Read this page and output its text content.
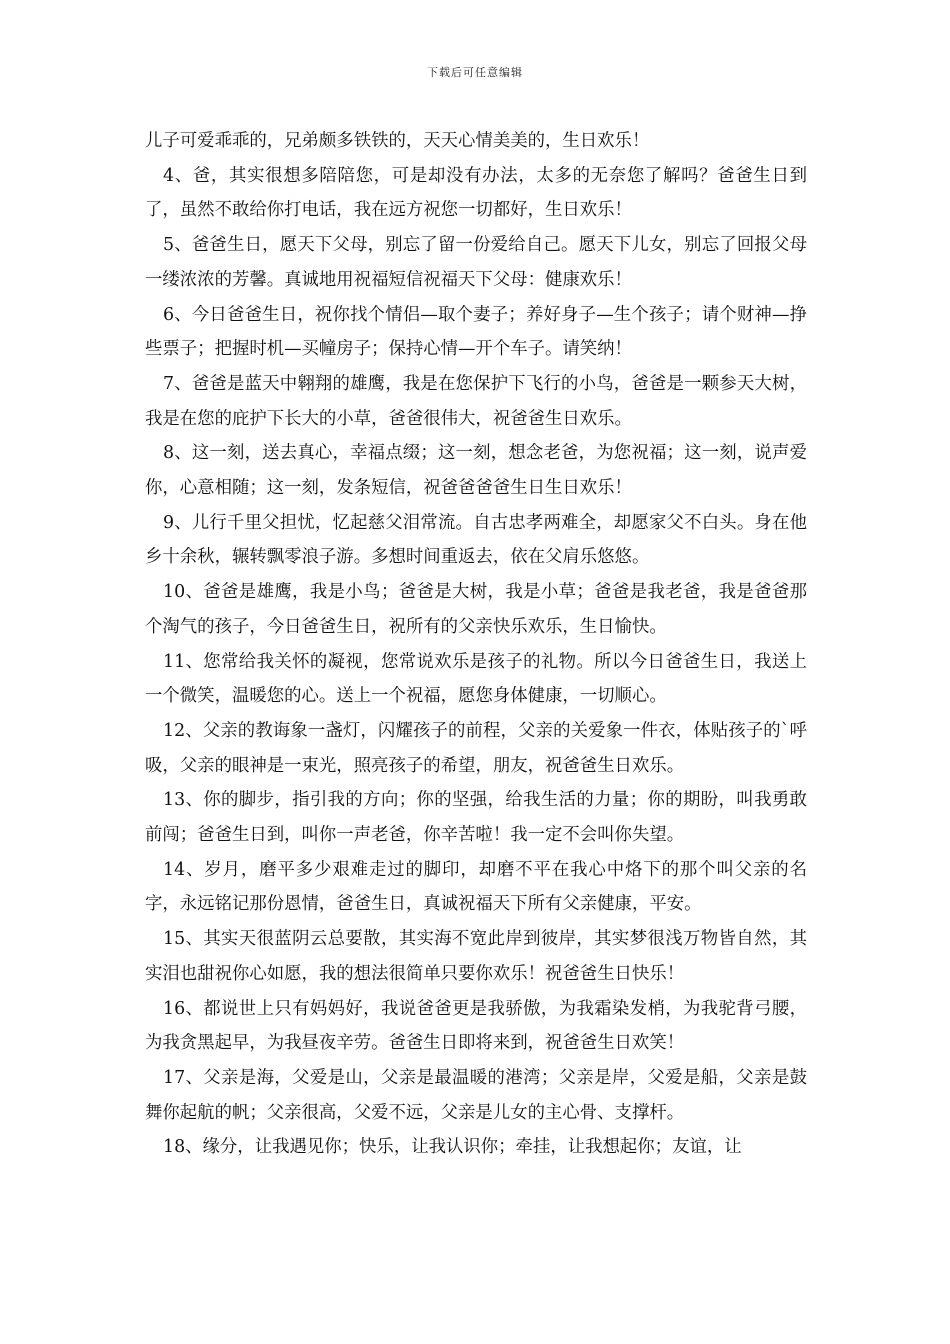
下载后可任意编辑

儿子可爱乖乖的，兄弟颇多铁铁的，天天心情美美的，生日欢乐！

4、爸，其实很想多陪陪您，可是却没有办法，太多的无奈您了解吗？爸爸生日到了，虽然不敢给你打电话，我在远方祝您一切都好，生日欢乐！

5、爸爸生日，愿天下父母，别忘了留一份爱给自己。愿天下儿女，别忘了回报父母一缕浓浓的芳馨。真诚地用祝福短信祝福天下父母：健康欢乐！

6、今日爸爸生日，祝你找个情侣—取个妻子；养好身子—生个孩子；请个财神—挣些票子；把握时机—买幢房子；保持心情—开个车子。请笑纳！

7、爸爸是蓝天中翱翔的雄鹰，我是在您保护下飞行的小鸟，爸爸是一颗参天大树，我是在您的庇护下长大的小草，爸爸很伟大，祝爸爸生日欢乐。

8、这一刻，送去真心，幸福点缀；这一刻，想念老爸，为您祝福；这一刻，说声爱你，心意相随；这一刻，发条短信，祝爸爸爸爸生日生日欢乐！

9、儿行千里父担忧，忆起慈父泪常流。自古忠孝两难全，却愿家父不白头。身在他乡十余秋，辗转飘零浪子游。多想时间重返去，依在父肩乐悠悠。

10、爸爸是雄鹰，我是小鸟；爸爸是大树，我是小草；爸爸是我老爸，我是爸爸那个淘气的孩子，今日爸爸生日，祝所有的父亲快乐欢乐，生日愉快。

11、您常给我关怀的凝视，您常说欢乐是孩子的礼物。所以今日爸爸生日，我送上一个微笑，温暖您的心。送上一个祝福，愿您身体健康，一切顺心。

12、父亲的教诲象一盏灯，闪耀孩子的前程，父亲的关爱象一件衣，体贴孩子的`呼吸，父亲的眼神是一束光，照亮孩子的希望，朋友，祝爸爸生日欢乐。

13、你的脚步，指引我的方向；你的坚强，给我生活的力量；你的期盼，叫我勇敢前闯；爸爸生日到，叫你一声老爸，你辛苦啦！我一定不会叫你失望。

14、岁月，磨平多少艰难走过的脚印，却磨不平在我心中烙下的那个叫父亲的名字，永远铭记那份恩情，爸爸生日，真诚祝福天下所有父亲健康，平安。

15、其实天很蓝阴云总要散，其实海不宽此岸到彼岸，其实梦很浅万物皆自然，其实泪也甜祝你心如愿，我的想法很简单只要你欢乐！祝爸爸生日快乐！

16、都说世上只有妈妈好，我说爸爸更是我骄傲，为我霜染发梢，为我驼背弓腰，为我贪黑起早，为我昼夜辛劳。爸爸生日即将来到，祝爸爸生日欢笑！

17、父亲是海，父爱是山，父亲是最温暖的港湾；父亲是岸，父爱是船，父亲是鼓舞你起航的帆；父亲很高，父爱不远，父亲是儿女的主心骨、支撑杆。

18、缘分，让我遇见你；快乐，让我认识你；牵挂，让我想起你；友谊，让
